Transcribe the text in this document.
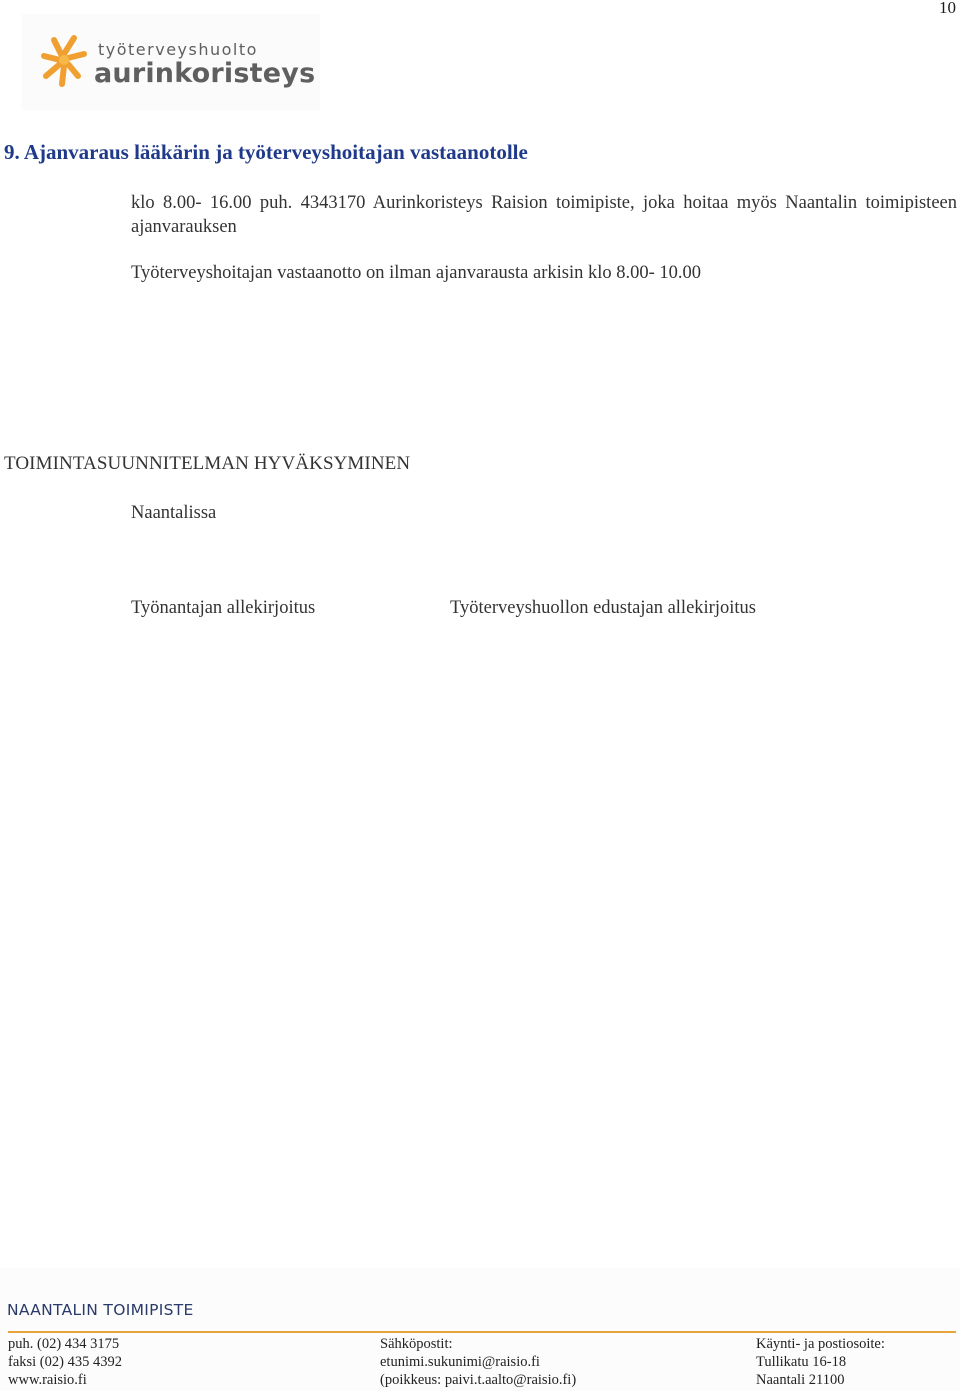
10
työterveyshuolto
aurinkoristeys
9. Ajanvaraus lääkärin ja työterveyshoitajan vastaanotolle
klo 8.00- 16.00 puh. 4343170 Aurinkoristeys Raision toimipiste, joka hoitaa myös Naantalin toimipisteen ajanvarauksen
Työterveyshoitajan vastaanotto on ilman ajanvarausta arkisin klo 8.00- 10.00
TOIMINTASUUNNITELMAN HYVÄKSYMINEN
Naantalissa
Työnantajan allekirjoitus	Työterveyshuollon edustajan allekirjoitus
NAANTALIN TOIMIPISTE
puh. (02) 434 3175
faksi (02) 435 4392
www.raisio.fi
Sähköpostit:
etunimi.sukunimi@raisio.fi
(poikkeus: paivi.t.aalto@raisio.fi)
Käynti- ja postiosoite:
Tullikatu 16-18
Naantali 21100
